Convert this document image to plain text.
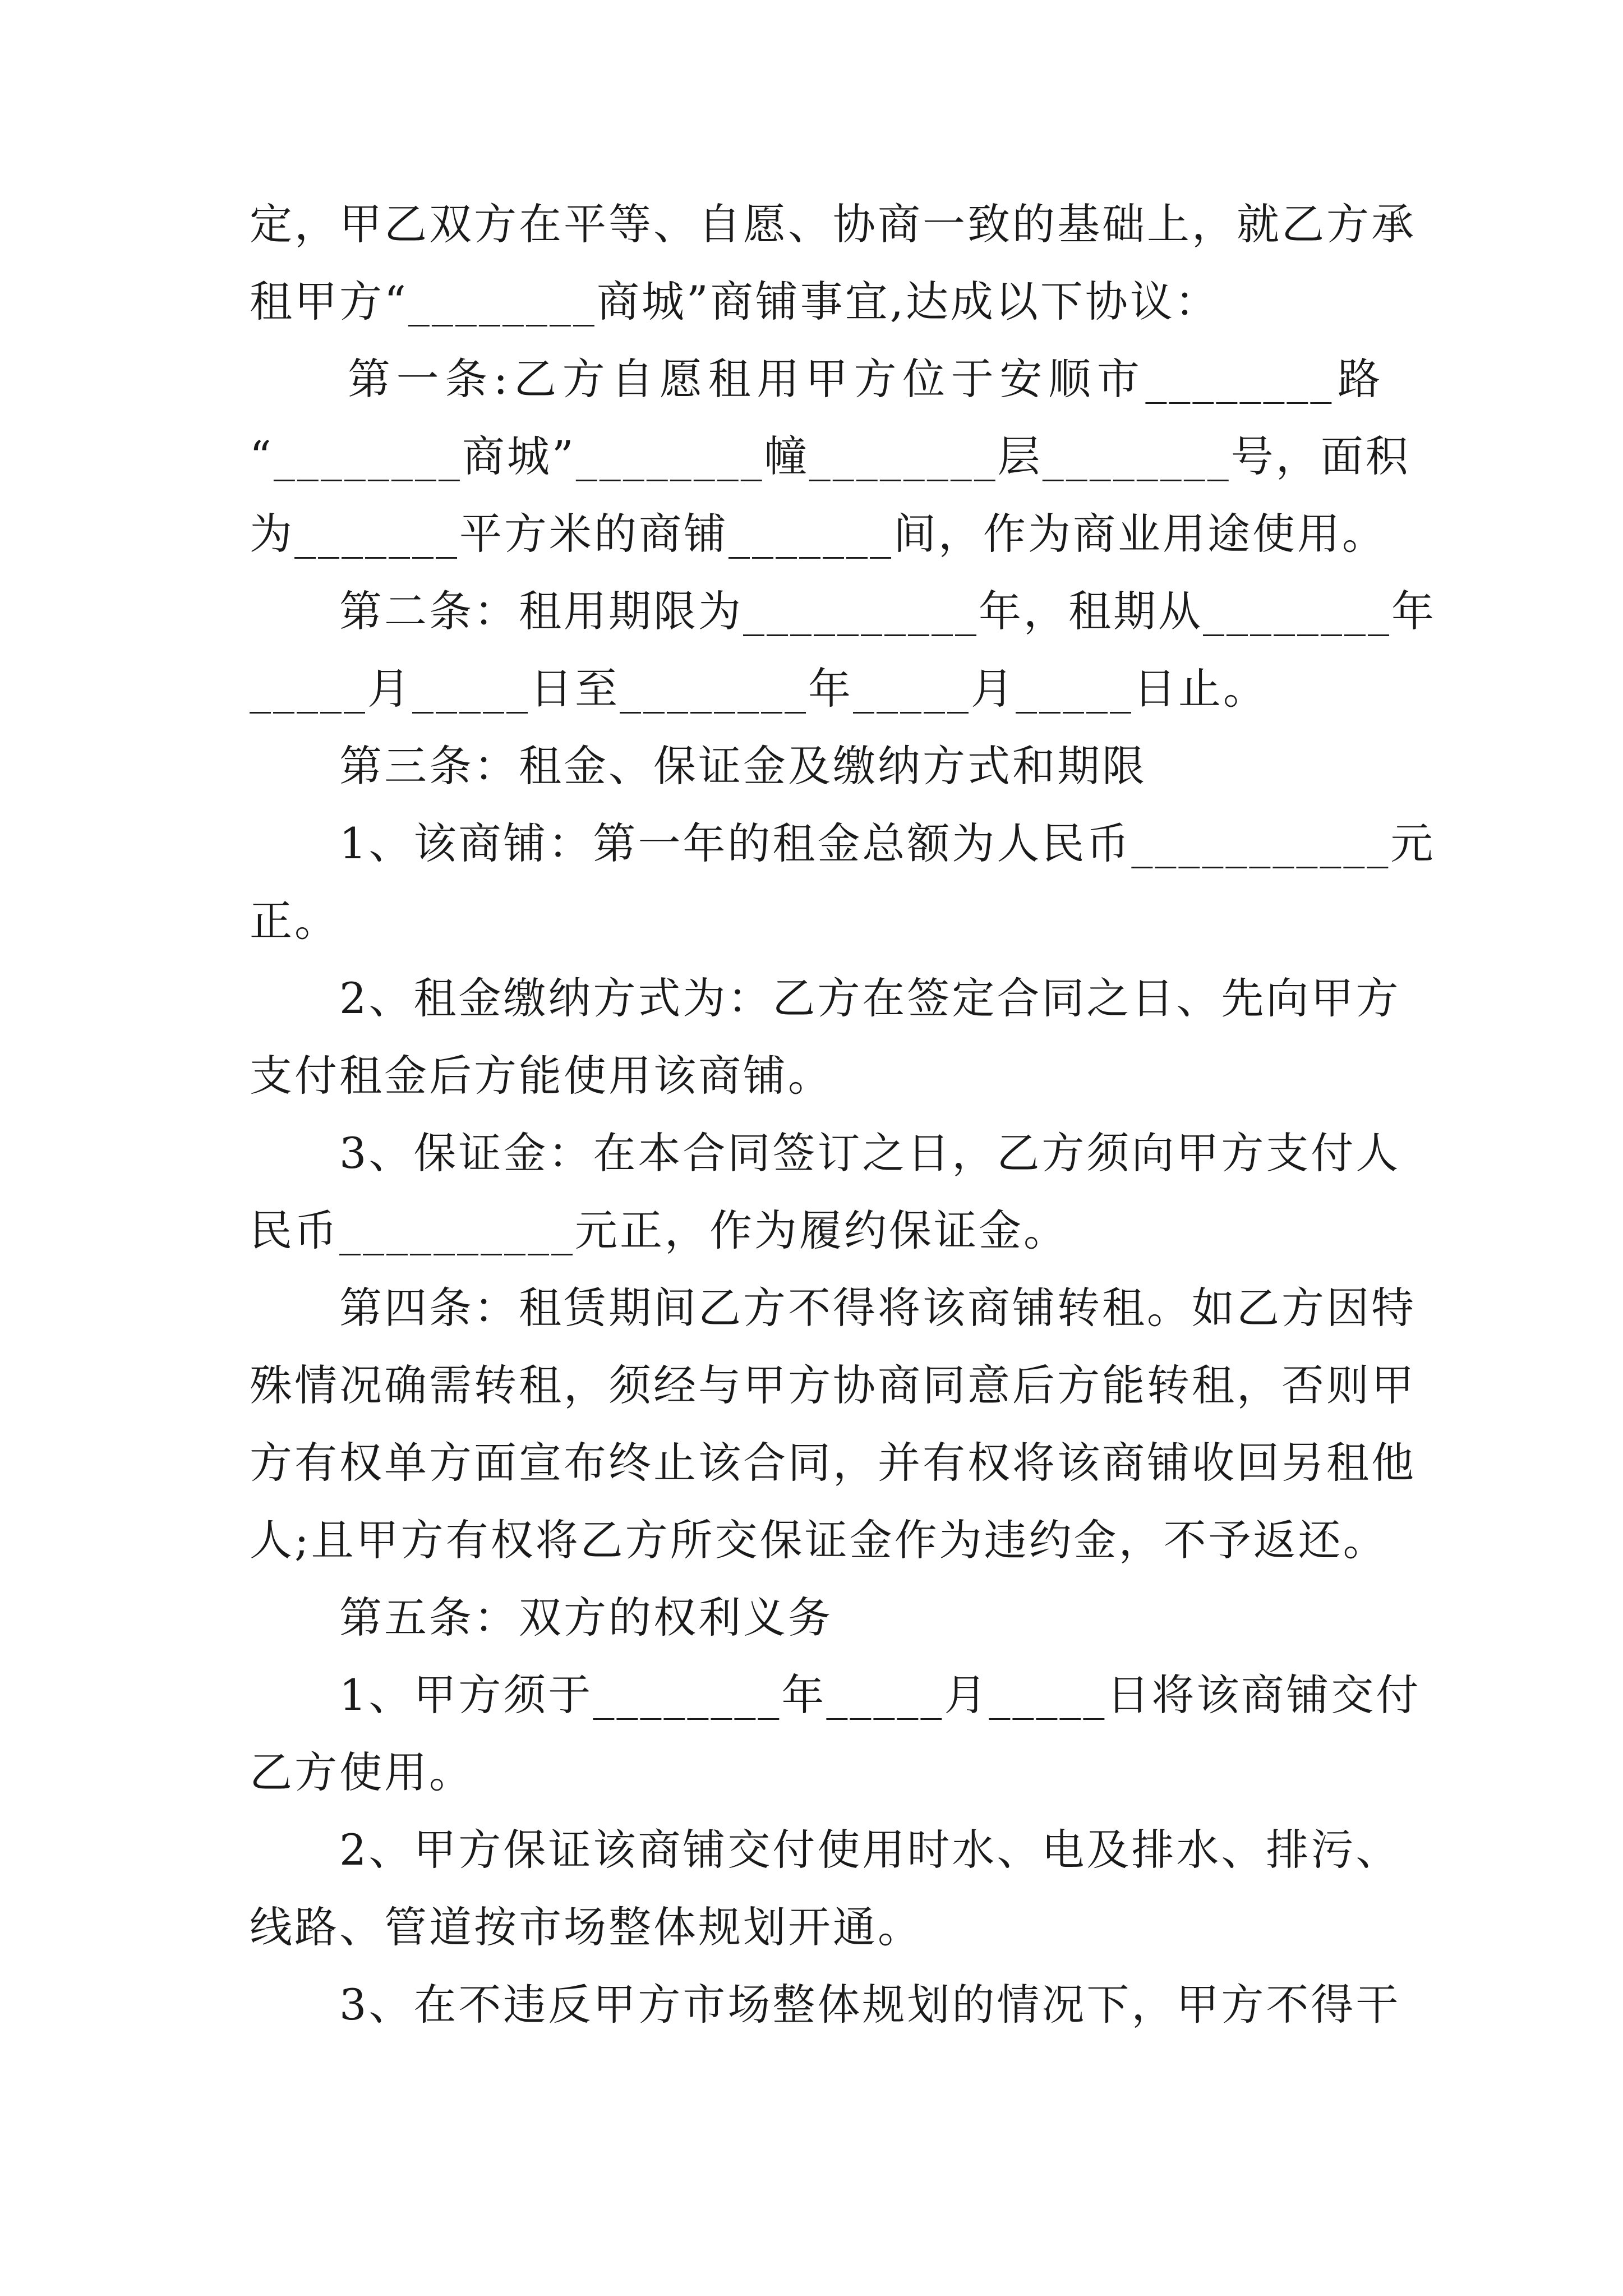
定，甲乙双方在平等、自愿、协商一致的基础上，就乙方承
租甲方“________商城”商铺事宜,达成以下协议：
第一条:乙方自愿租用甲方位于安顺市________路
“________商城”________幢________层________号，面积
为_______平方米的商铺_______间，作为商业用途使用。
第二条：租用期限为__________年，租期从________年
_____月_____日至________年_____月_____日止。
第三条：租金、保证金及缴纳方式和期限
1、该商铺：第一年的租金总额为人民币___________元
正。
2、租金缴纳方式为：乙方在签定合同之日、先向甲方
支付租金后方能使用该商铺。
3、保证金：在本合同签订之日，乙方须向甲方支付人
民币__________元正，作为履约保证金。
第四条：租赁期间乙方不得将该商铺转租。如乙方因特
殊情况确需转租，须经与甲方协商同意后方能转租，否则甲
方有权单方面宣布终止该合同，并有权将该商铺收回另租他
人;且甲方有权将乙方所交保证金作为违约金，不予返还。
第五条：双方的权利义务
1、甲方须于________年_____月_____日将该商铺交付
乙方使用。
2、甲方保证该商铺交付使用时水、电及排水、排污、
线路、管道按市场整体规划开通。
3、在不违反甲方市场整体规划的情况下，甲方不得干
